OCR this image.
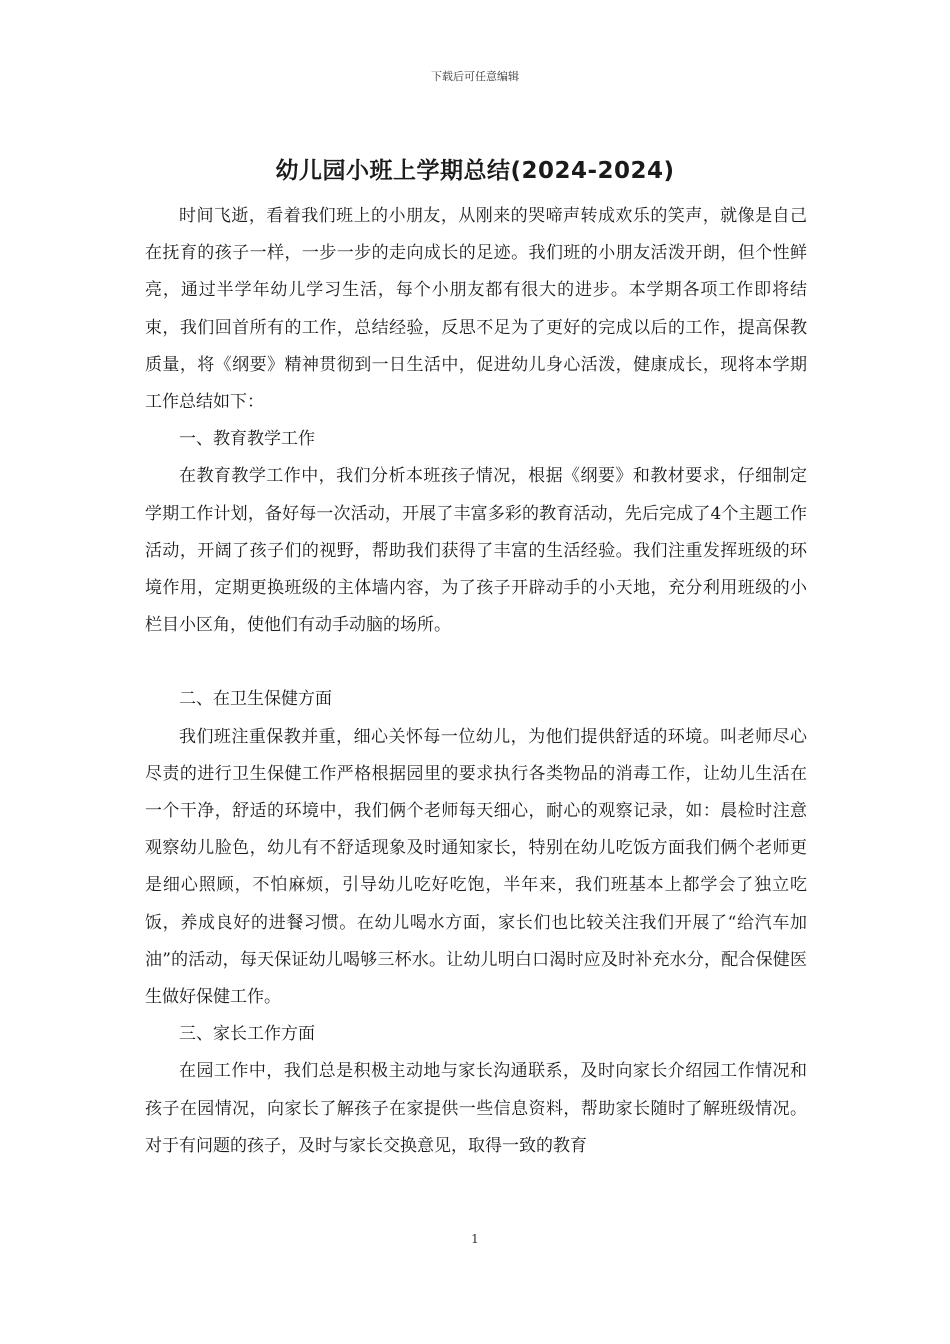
下载后可任意编辑
幼儿园小班上学期总结(2024-2024)

时间飞逝，看着我们班上的小朋友，从刚来的哭啼声转成欢乐的笑声，就像是自己在抚育的孩子一样，一步一步的走向成长的足迹。我们班的小朋友活泼开朗，但个性鲜亮，通过半学年幼儿学习生活，每个小朋友都有很大的进步。本学期各项工作即将结束，我们回首所有的工作，总结经验，反思不足为了更好的完成以后的工作，提高保教质量，将《纲要》精神贯彻到一日生活中，促进幼儿身心活泼，健康成长，现将本学期工作总结如下：

一、教育教学工作

在教育教学工作中，我们分析本班孩子情况，根据《纲要》和教材要求，仔细制定学期工作计划，备好每一次活动，开展了丰富多彩的教育活动，先后完成了4个主题工作活动，开阔了孩子们的视野，帮助我们获得了丰富的生活经验。我们注重发挥班级的环境作用，定期更换班级的主体墙内容，为了孩子开辟动手的小天地，充分利用班级的小栏目小区角，使他们有动手动脑的场所。

二、在卫生保健方面

我们班注重保教并重，细心关怀每一位幼儿，为他们提供舒适的环境。叫老师尽心尽责的进行卫生保健工作严格根据园里的要求执行各类物品的消毒工作，让幼儿生活在一个干净，舒适的环境中，我们俩个老师每天细心，耐心的观察记录，如：晨检时注意观察幼儿脸色，幼儿有不舒适现象及时通知家长，特别在幼儿吃饭方面我们俩个老师更是细心照顾，不怕麻烦，引导幼儿吃好吃饱，半年来，我们班基本上都学会了独立吃饭，养成良好的进餐习惯。在幼儿喝水方面，家长们也比较关注我们开展了“给汽车加油”的活动，每天保证幼儿喝够三杯水。让幼儿明白口渴时应及时补充水分，配合保健医生做好保健工作。

三、家长工作方面

在园工作中，我们总是积极主动地与家长沟通联系，及时向家长介绍园工作情况和孩子在园情况，向家长了解孩子在家提供一些信息资料，帮助家长随时了解班级情况。对于有问题的孩子，及时与家长交换意见，取得一致的教育

1
